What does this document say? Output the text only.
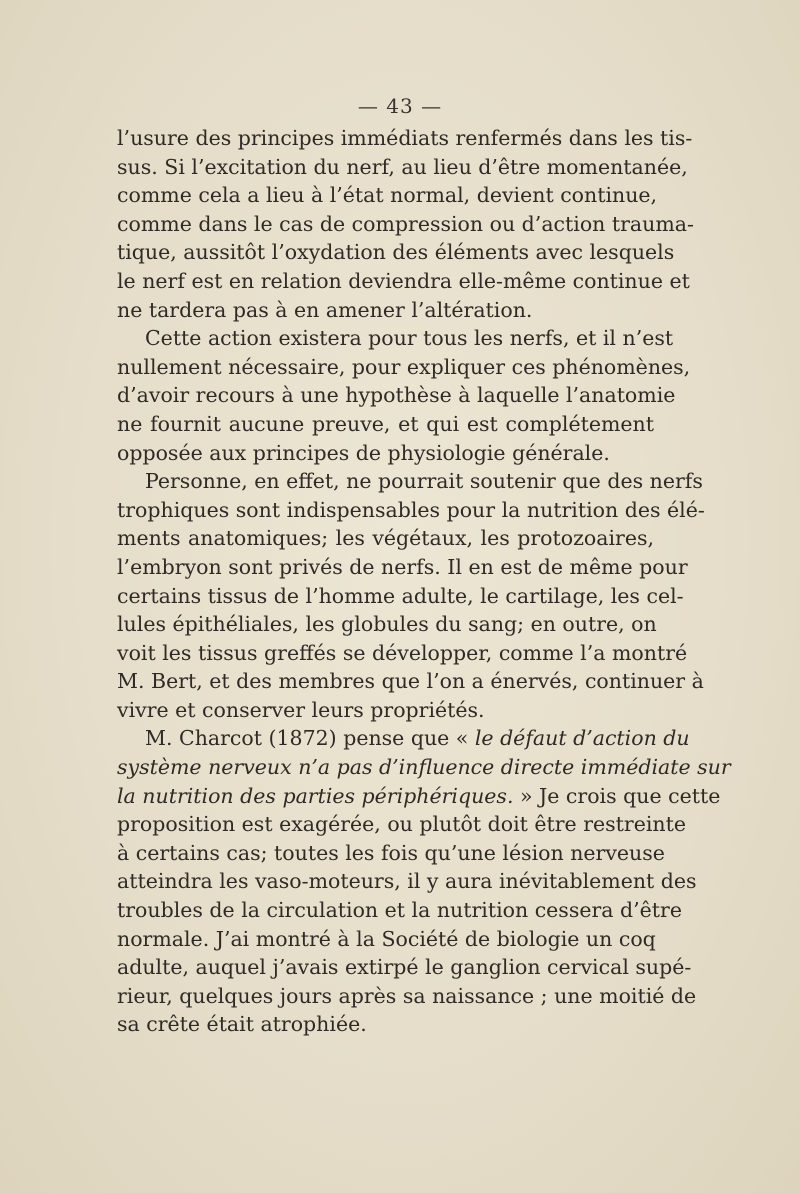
— 43 —
l’usure des principes immédiats renfermés dans les tis-
sus. Si l’excitation du nerf, au lieu d’être momentanée,
comme cela a lieu à l’état normal, devient continue,
comme dans le cas de compression ou d’action trauma-
tique, aussitôt l’oxydation des éléments avec lesquels
le nerf est en relation deviendra elle-même continue et
ne tardera pas à en amener l’altération.
Cette action existera pour tous les nerfs, et il n’est
nullement nécessaire, pour expliquer ces phénomènes,
d’avoir recours à une hypothèse à laquelle l’anatomie
ne fournit aucune preuve, et qui est complétement
opposée aux principes de physiologie générale.
Personne, en effet, ne pourrait soutenir que des nerfs
trophiques sont indispensables pour la nutrition des élé-
ments anatomiques; les végétaux, les protozoaires,
l’embryon sont privés de nerfs. Il en est de même pour
certains tissus de l’homme adulte, le cartilage, les cel-
lules épithéliales, les globules du sang; en outre, on
voit les tissus greffés se développer, comme l’a montré
M. Bert, et des membres que l’on a énervés, continuer à
vivre et conserver leurs propriétés.
M. Charcot (1872) pense que « le défaut d’action du
système nerveux n’a pas d’influence directe immédiate sur
la nutrition des parties périphériques. » Je crois que cette
proposition est exagérée, ou plutôt doit être restreinte
à certains cas; toutes les fois qu’une lésion nerveuse
atteindra les vaso-moteurs, il y aura inévitablement des
troubles de la circulation et la nutrition cessera d’être
normale. J’ai montré à la Société de biologie un coq
adulte, auquel j’avais extirpé le ganglion cervical supé-
rieur, quelques jours après sa naissance ; une moitié de
sa crête était atrophiée.
